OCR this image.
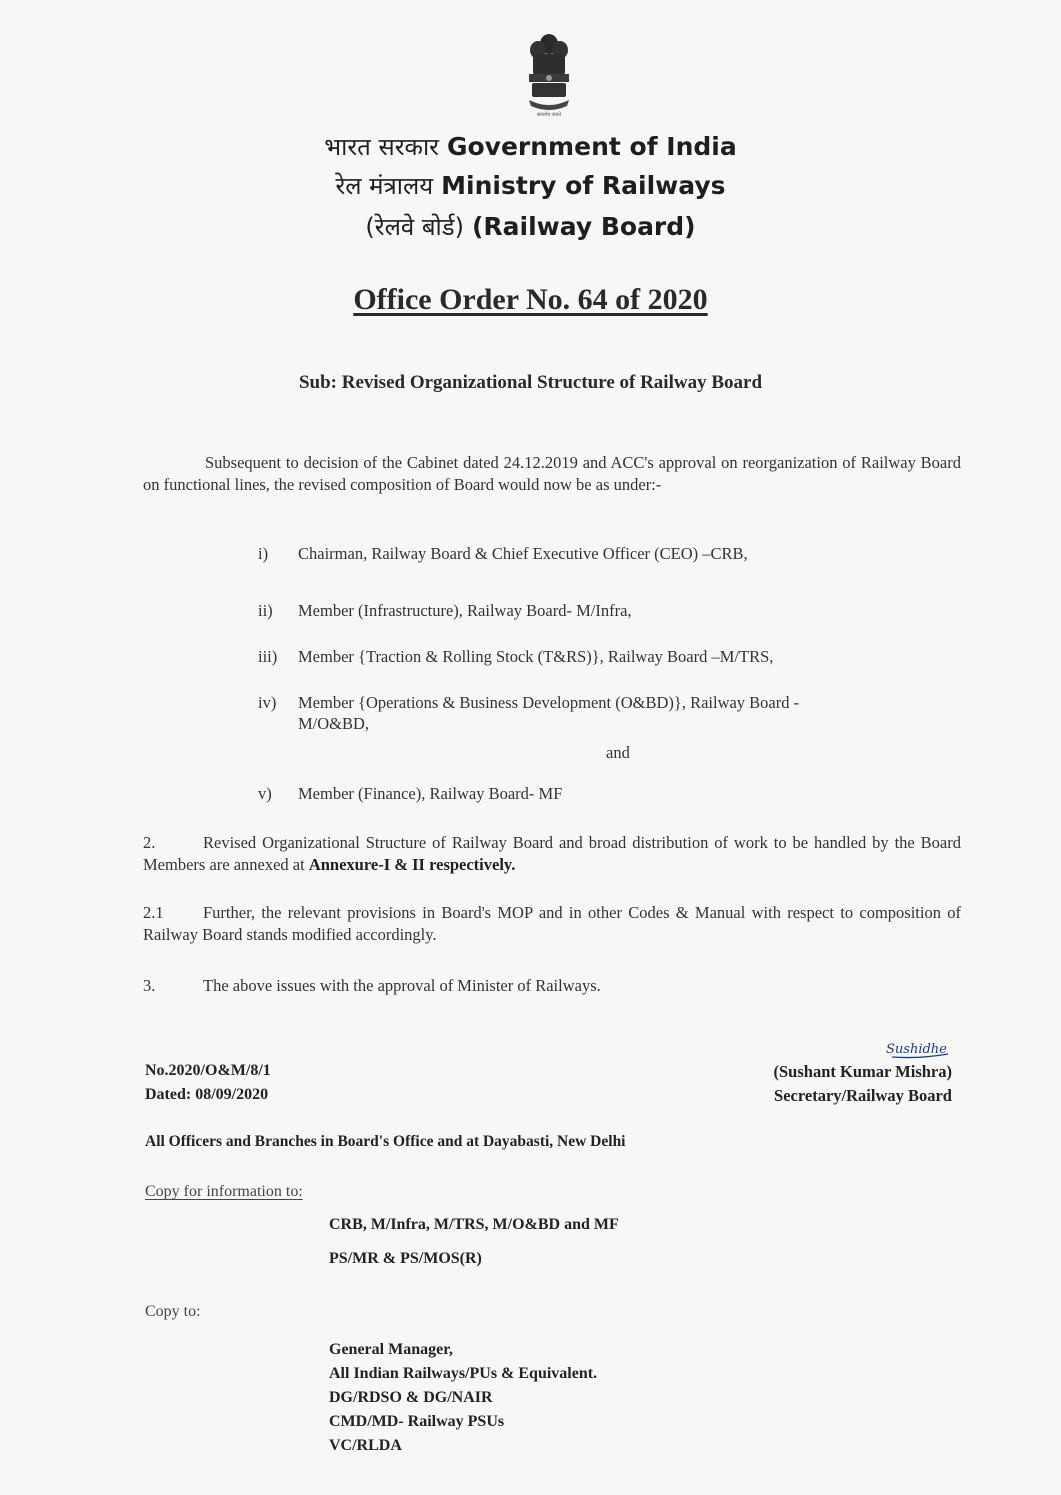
सत्यमेव जयते
भारत सरकार Government of India
रेल मंत्रालय Ministry of Railways
(रेलवे बोर्ड) (Railway Board)
Office Order No. 64 of 2020
Sub: Revised Organizational Structure of Railway Board
Subsequent to decision of the Cabinet dated 24.12.2019 and ACC's approval on reorganization of Railway Board on functional lines, the revised composition of Board would now be as under:-
i) Chairman, Railway Board & Chief Executive Officer (CEO) –CRB,
ii) Member (Infrastructure), Railway Board- M/Infra,
iii) Member {Traction & Rolling Stock (T&RS)}, Railway Board –M/TRS,
iv) Member {Operations & Business Development (O&BD)}, Railway Board -
M/O&BD,
and
v) Member (Finance), Railway Board- MF
2.	Revised Organizational Structure of Railway Board and broad distribution of work to be handled by the Board Members are annexed at Annexure-I & II respectively.
2.1 Further, the relevant provisions in Board's MOP and in other Codes & Manual with respect to composition of Railway Board stands modified accordingly.
3.	The above issues with the approval of Minister of Railways.
No.2020/O&M/8/1
Dated: 08/09/2020
Sushidhe
(Sushant Kumar Mishra)
Secretary/Railway Board
All Officers and Branches in Board's Office and at Dayabasti, New Delhi
Copy for information to:
CRB, M/Infra, M/TRS, M/O&BD and MF
PS/MR & PS/MOS(R)
Copy to:
General Manager,
All Indian Railways/PUs & Equivalent.
DG/RDSO & DG/NAIR
CMD/MD- Railway PSUs
VC/RLDA
